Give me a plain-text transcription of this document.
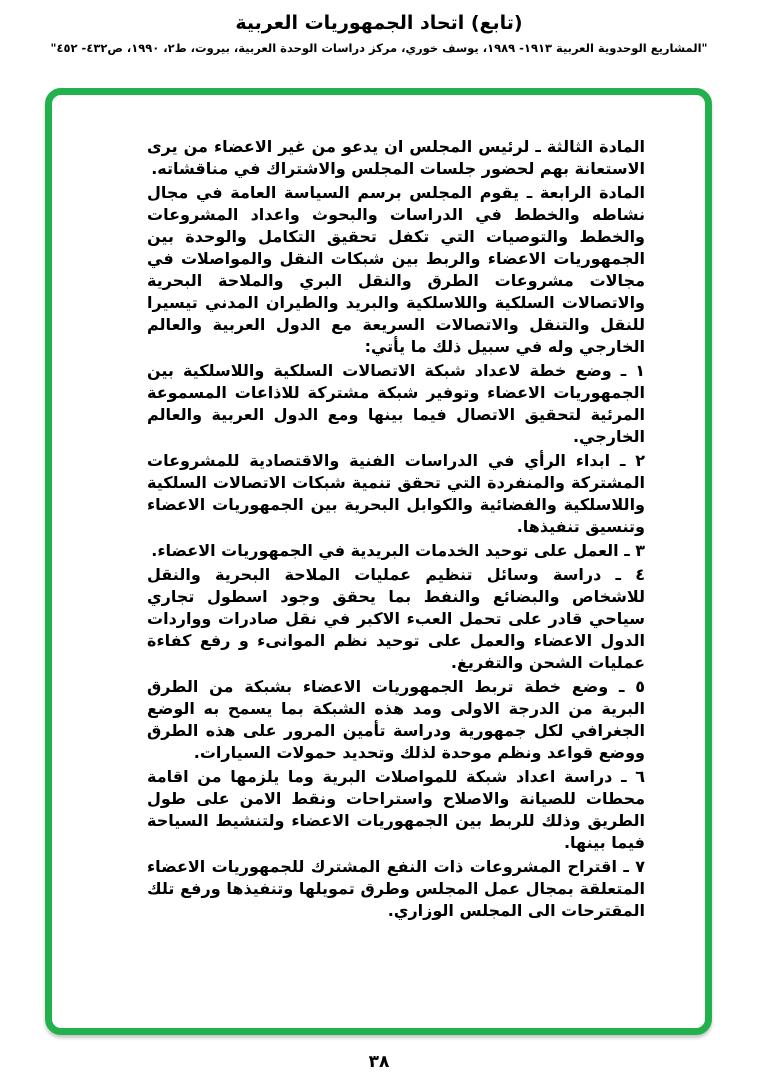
(تابع) اتحاد الجمهوريات العربية
"المشاريع الوحدوية العربية ١٩١٣- ١٩٨٩، يوسف خوري، مركز دراسات الوحدة العربية، بيروت، ط٢، ١٩٩٠، ص٤٣٢- ٤٥٢"

المادة الثالثة ـ لرئيس المجلس ان يدعو من غير الاعضاء من يرى الاستعانة بهم لحضور جلسات المجلس والاشتراك في مناقشاته.

المادة الرابعة ـ يقوم المجلس برسم السياسة العامة في مجال نشاطه والخطط في الدراسات والبحوث واعداد المشروعات والخطط والتوصيات التي تكفل تحقيق التكامل والوحدة بين الجمهوريات الاعضاء والربط بين شبكات النقل والمواصلات في مجالات مشروعات الطرق والنقل البري والملاحة البحرية والاتصالات السلكية واللاسلكية والبريد والطيران المدني تيسيرا للنقل والتنقل والاتصالات السريعة مع الدول العربية والعالم الخارجي وله في سبيل ذلك ما يأتي:

١ ـ وضع خطة لاعداد شبكة الاتصالات السلكية واللاسلكية بين الجمهوريات الاعضاء وتوفير شبكة مشتركة للاذاعات المسموعة المرئية لتحقيق الاتصال فيما بينها ومع الدول العربية والعالم الخارجي.

٢ ـ ابداء الرأي في الدراسات الفنية والاقتصادية للمشروعات المشتركة والمنفردة التي تحقق تنمية شبكات الاتصالات السلكية واللاسلكية والفضائية والكوابل البحرية بين الجمهوريات الاعضاء وتنسيق تنفيذها.

٣ ـ العمل على توحيد الخدمات البريدية في الجمهوريات الاعضاء.

٤ ـ دراسة وسائل تنظيم عمليات الملاحة البحرية والنقل للاشخاص والبضائع والنفط بما يحقق وجود اسطول تجاري سياحي قادر على تحمل العبء الاكبر في نقل صادرات وواردات الدول الاعضاء والعمل على توحيد نظم الموانىء و رفع كفاءة عمليات الشحن والتفريغ.

٥ ـ وضع خطة تربط الجمهوريات الاعضاء بشبكة من الطرق البرية من الدرجة الاولى ومد هذه الشبكة بما يسمح به الوضع الجغرافي لكل جمهورية ودراسة تأمين المرور على هذه الطرق ووضع قواعد ونظم موحدة لذلك وتحديد حمولات السيارات.

٦ ـ دراسة اعداد شبكة للمواصلات البرية وما يلزمها من اقامة محطات للصيانة والاصلاح واستراحات ونقط الامن على طول الطريق وذلك للربط بين الجمهوريات الاعضاء ولتنشيط السياحة فيما بينها.

٧ ـ اقتراح المشروعات ذات النفع المشترك للجمهوريات الاعضاء المتعلقة بمجال عمل المجلس وطرق تمويلها وتنفيذها ورفع تلك المقترحات الى المجلس الوزاري.

٣٨
